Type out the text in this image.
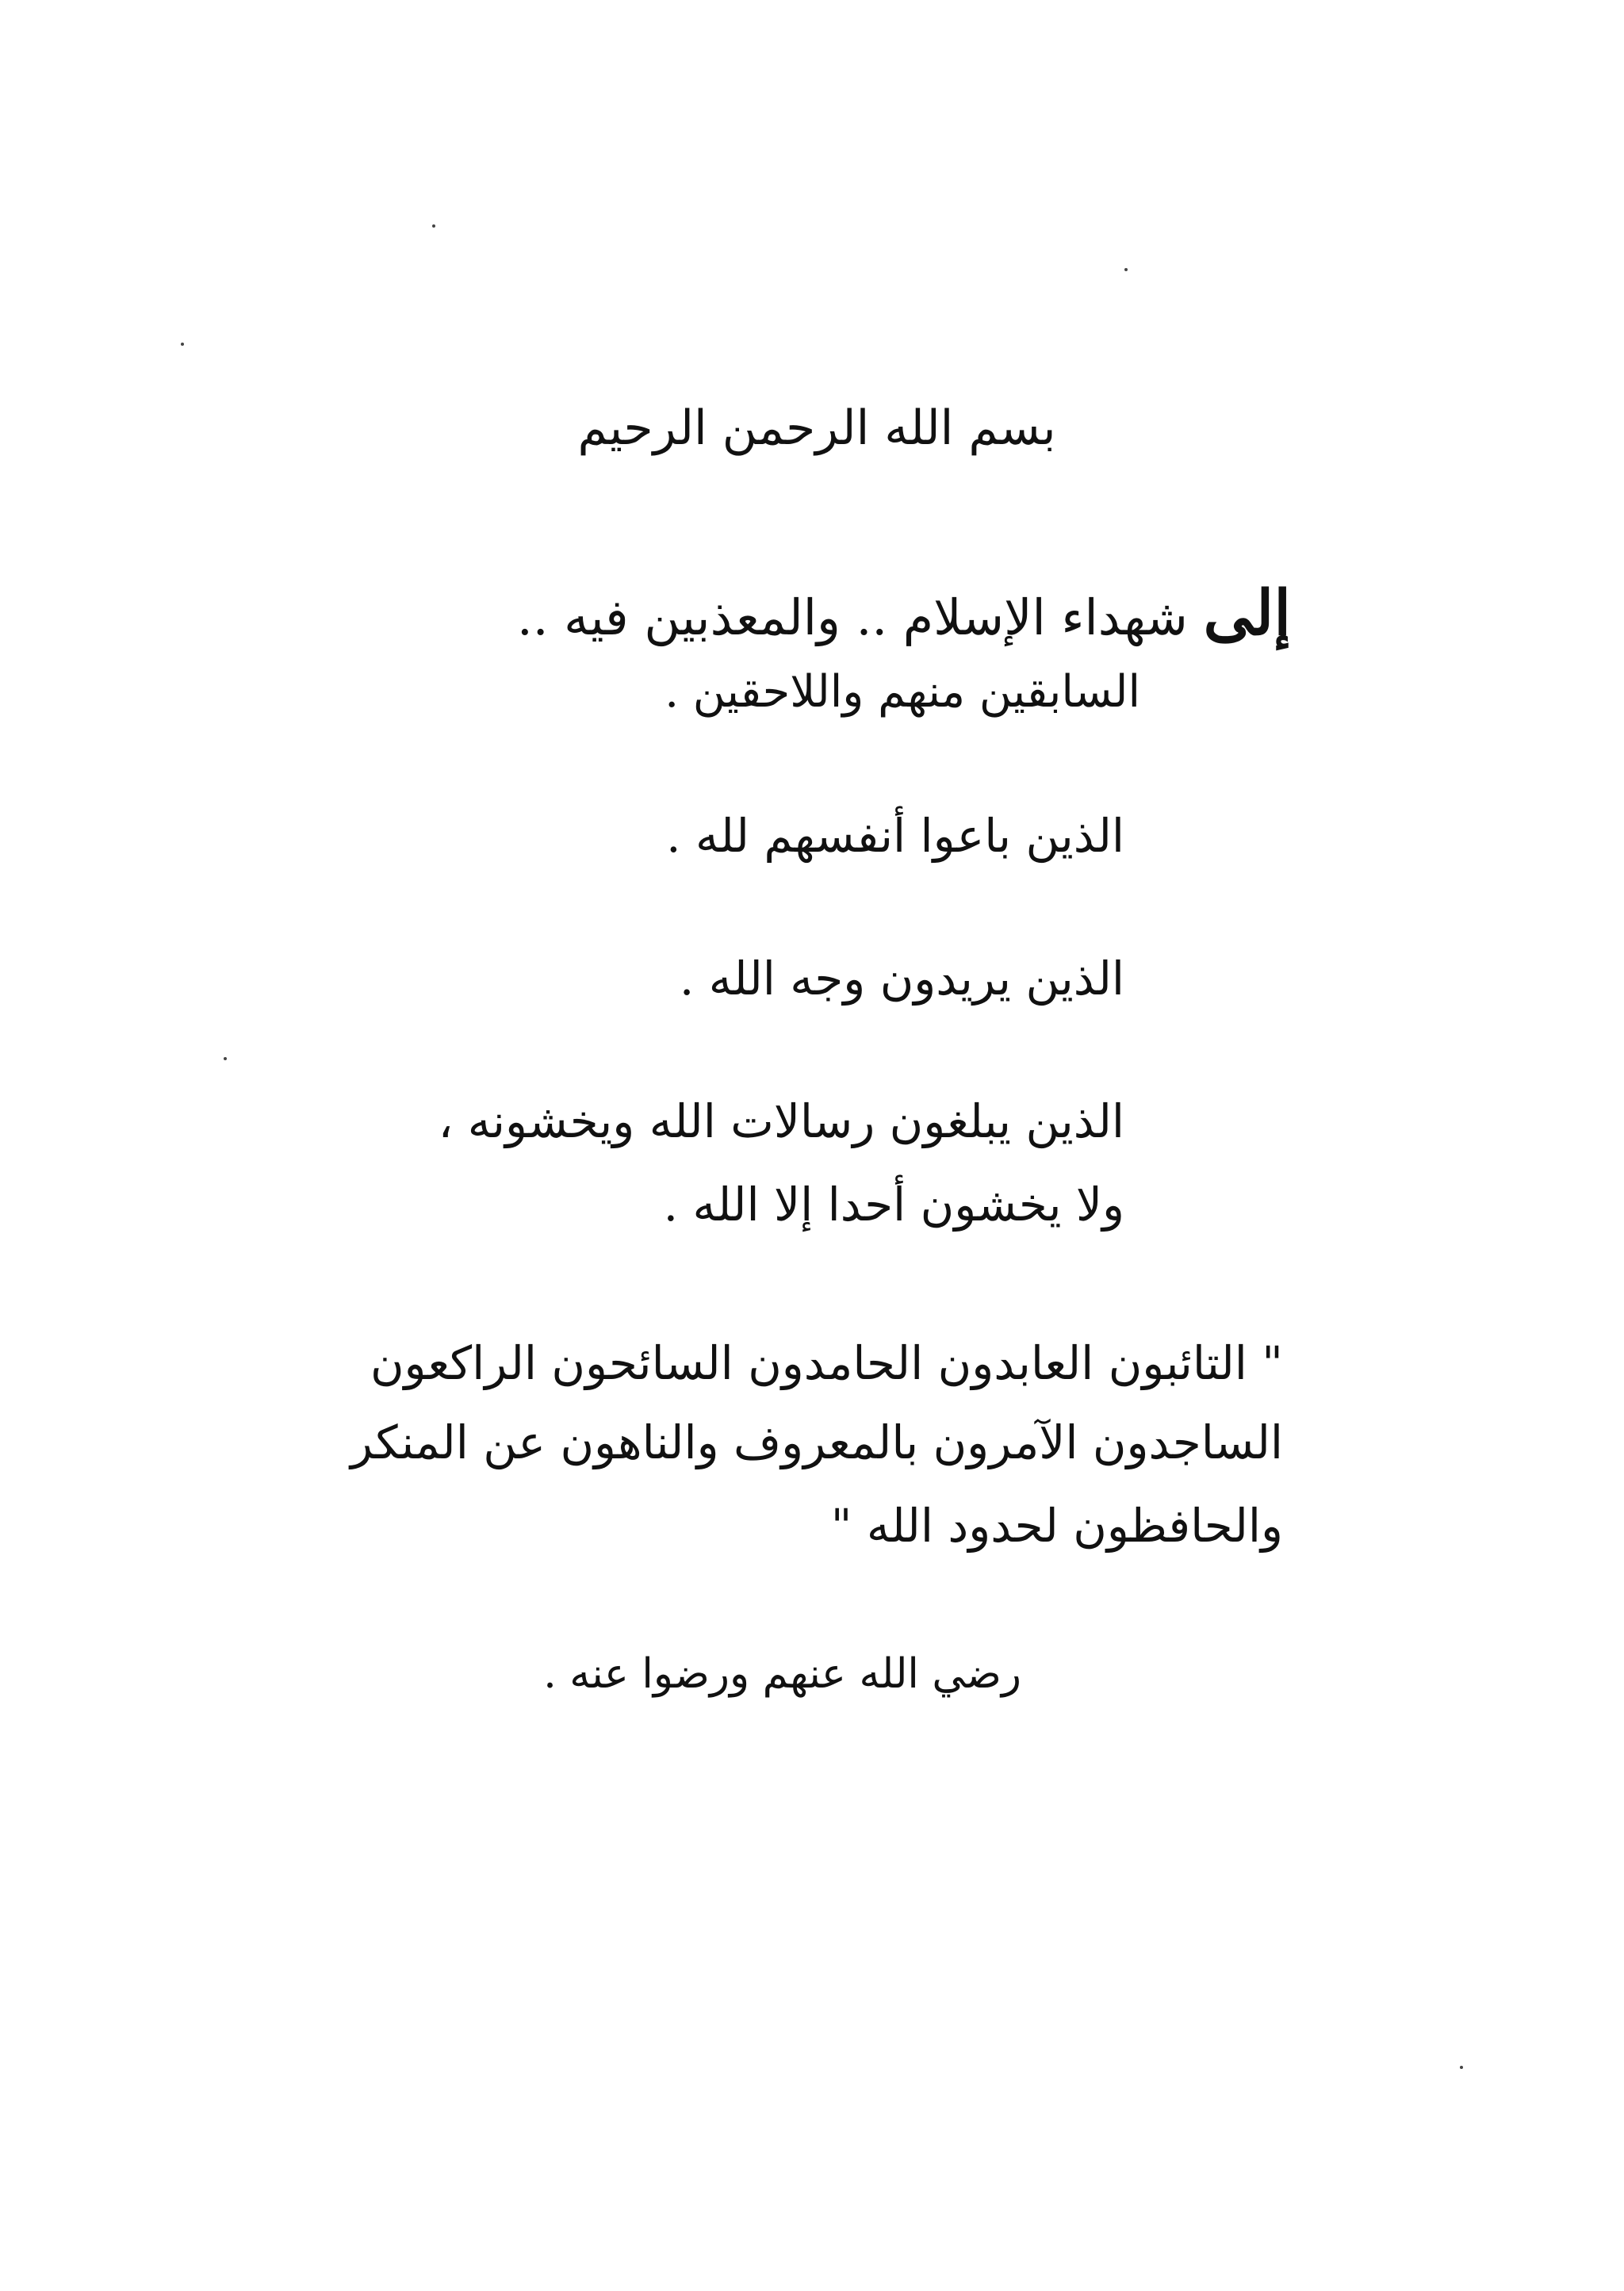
بسم الله الرحمن الرحيم
إلى شهداء الإسلام .. والمعذبين فيه ..
السابقين منهم واللاحقين .
الذين باعوا أنفسهم لله .
الذين يريدون وجه الله .
الذين يبلغون رسالات الله ويخشونه ،
ولا يخشون أحدا إلا الله .
" التائبون العابدون الحامدون السائحون الراكعون
الساجدون الآمرون بالمعروف والناهون عن المنكر
والحافظون لحدود الله "
رضي الله عنهم ورضوا عنه .
